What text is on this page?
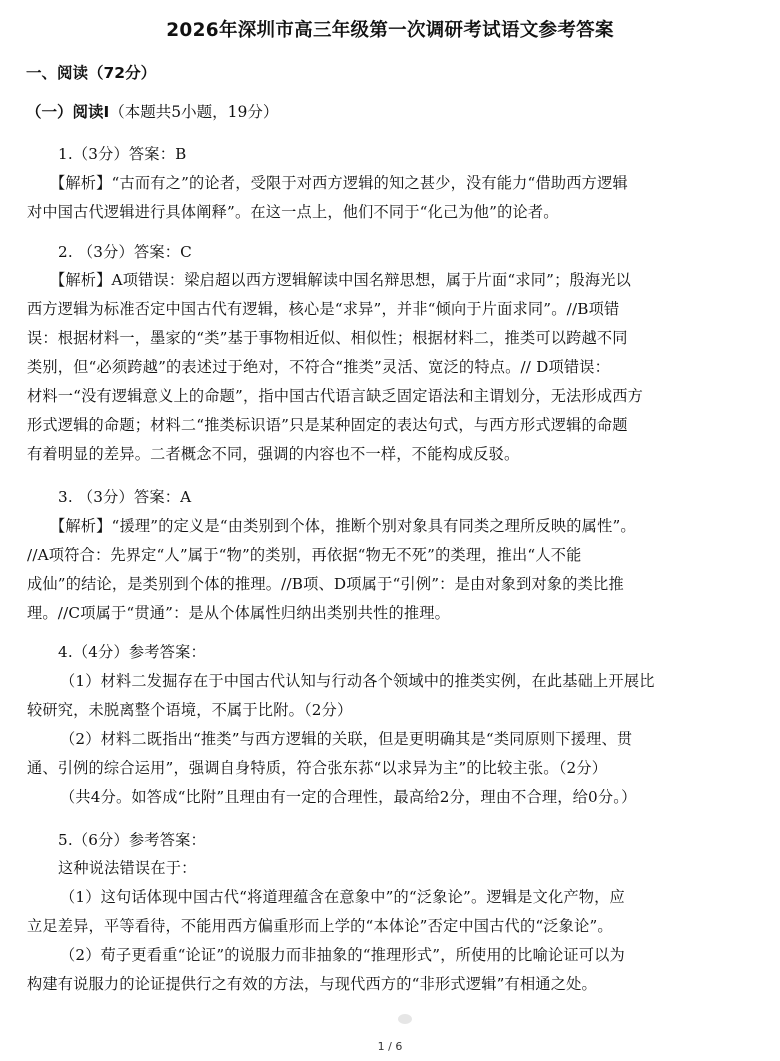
2026年深圳市高三年级第一次调研考试语文参考答案
一、阅读（72分）
（一）阅读Ⅰ（本题共5小题，19分）
1.（3分）答案：B
【解析】“古而有之”的论者，受限于对西方逻辑的知之甚少，没有能力“借助西方逻辑
对中国古代逻辑进行具体阐释”。在这一点上，他们不同于“化己为他”的论者。
2. （3分）答案：C
【解析】A项错误：梁启超以西方逻辑解读中国名辩思想，属于片面“求同”；殷海光以
西方逻辑为标准否定中国古代有逻辑，核心是“求异”，并非“倾向于片面求同”。//B项错
误：根据材料一，墨家的“类”基于事物相近似、相似性；根据材料二，推类可以跨越不同
类别，但“必须跨越”的表述过于绝对，不符合“推类”灵活、宽泛的特点。// D项错误：
材料一“没有逻辑意义上的命题”，指中国古代语言缺乏固定语法和主谓划分，无法形成西方
形式逻辑的命题；材料二“推类标识语”只是某种固定的表达句式，与西方形式逻辑的命题
有着明显的差异。二者概念不同，强调的内容也不一样，不能构成反驳。
3. （3分）答案：A
【解析】“援理”的定义是“由类别到个体，推断个别对象具有同类之理所反映的属性”。
//A项符合：先界定“人”属于“物”的类别，再依据“物无不死”的类理，推出“人不能
成仙”的结论，是类别到个体的推理。//B项、D项属于“引例”：是由对象到对象的类比推
理。//C项属于“贯通”：是从个体属性归纳出类别共性的推理。
4.（4分）参考答案：
（1）材料二发掘存在于中国古代认知与行动各个领域中的推类实例，在此基础上开展比
较研究，未脱离整个语境，不属于比附。（2分）
（2）材料二既指出“推类”与西方逻辑的关联，但是更明确其是“类同原则下援理、贯
通、引例的综合运用”，强调自身特质，符合张东荪“以求异为主”的比较主张。（2分）
（共4分。如答成“比附”且理由有一定的合理性，最高给2分，理由不合理，给0分。）
5.（6分）参考答案：
这种说法错误在于：
（1）这句话体现中国古代“将道理蕴含在意象中”的“泛象论”。逻辑是文化产物，应
立足差异，平等看待，不能用西方偏重形而上学的“本体论”否定中国古代的“泛象论”。
（2）荀子更看重“论证”的说服力而非抽象的“推理形式”，所使用的比喻论证可以为
构建有说服力的论证提供行之有效的方法，与现代西方的“非形式逻辑”有相通之处。
1 / 6
